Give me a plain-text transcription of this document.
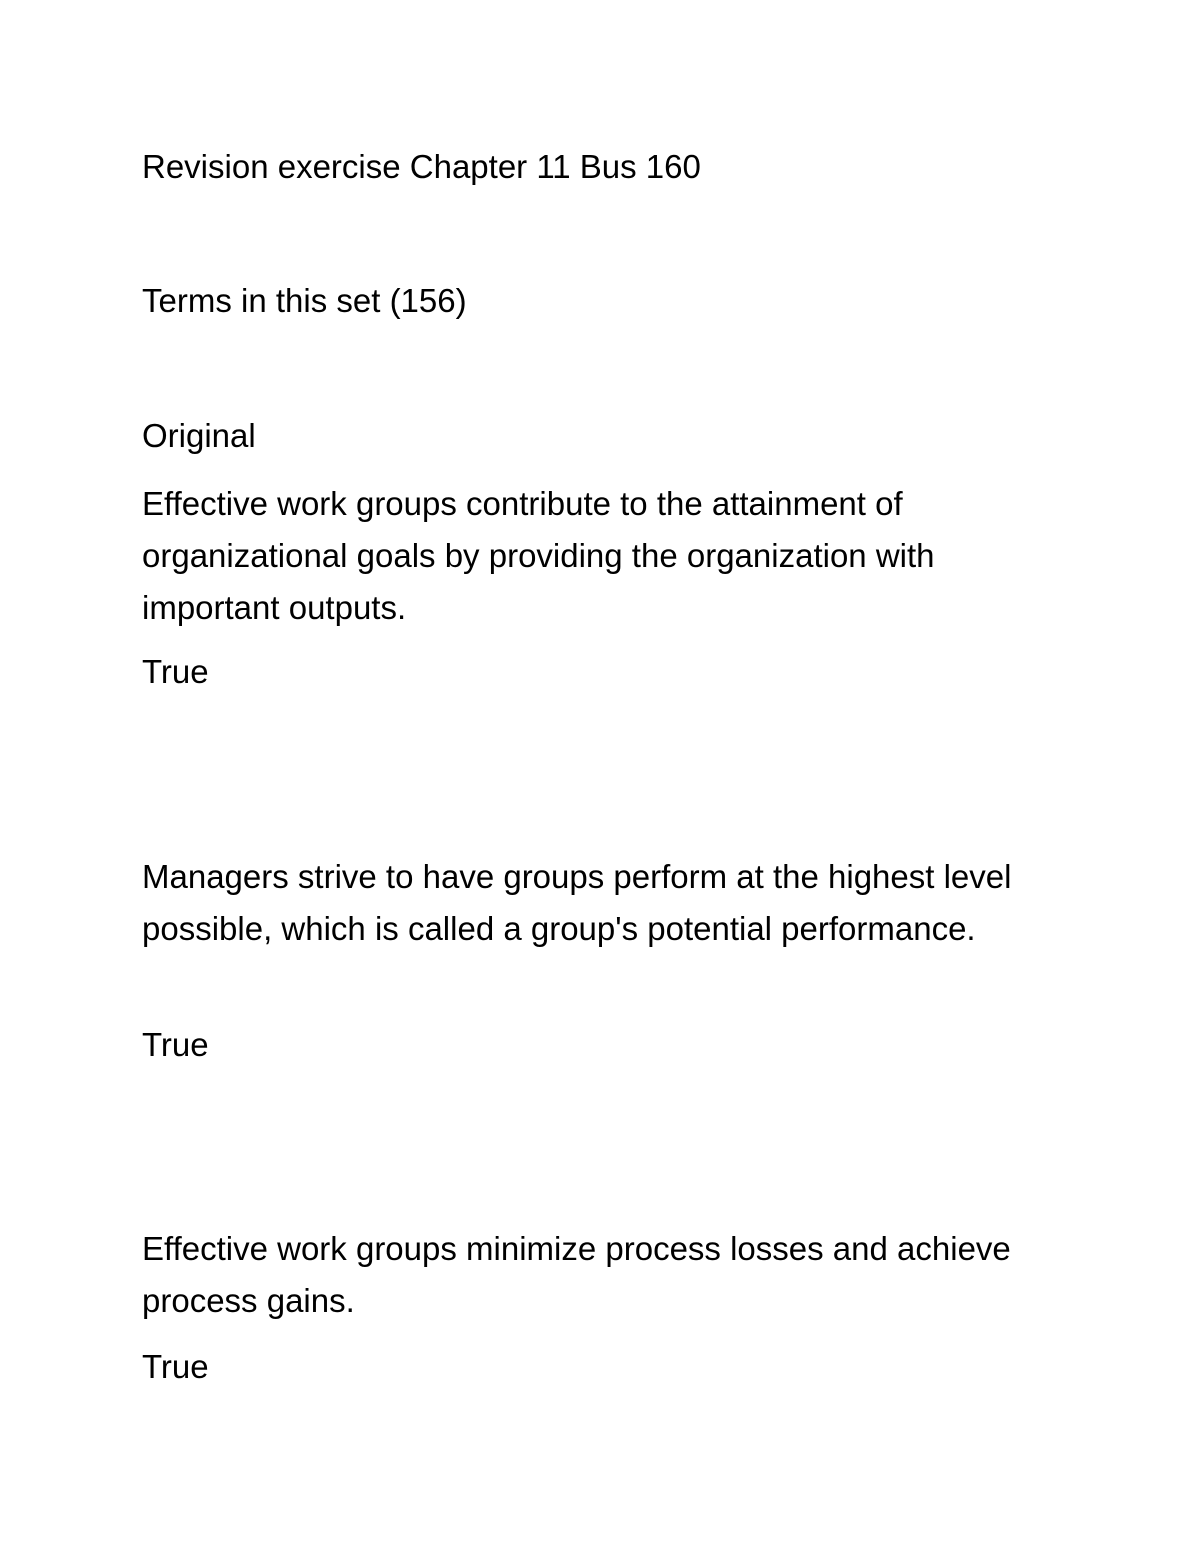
Revision exercise Chapter 11 Bus 160
Terms in this set (156)
Original
Effective work groups contribute to the attainment of organizational goals by providing the organization with important outputs.
True
Managers strive to have groups perform at the highest level possible, which is called a group's potential performance.
True
Effective work groups minimize process losses and achieve process gains.
True
